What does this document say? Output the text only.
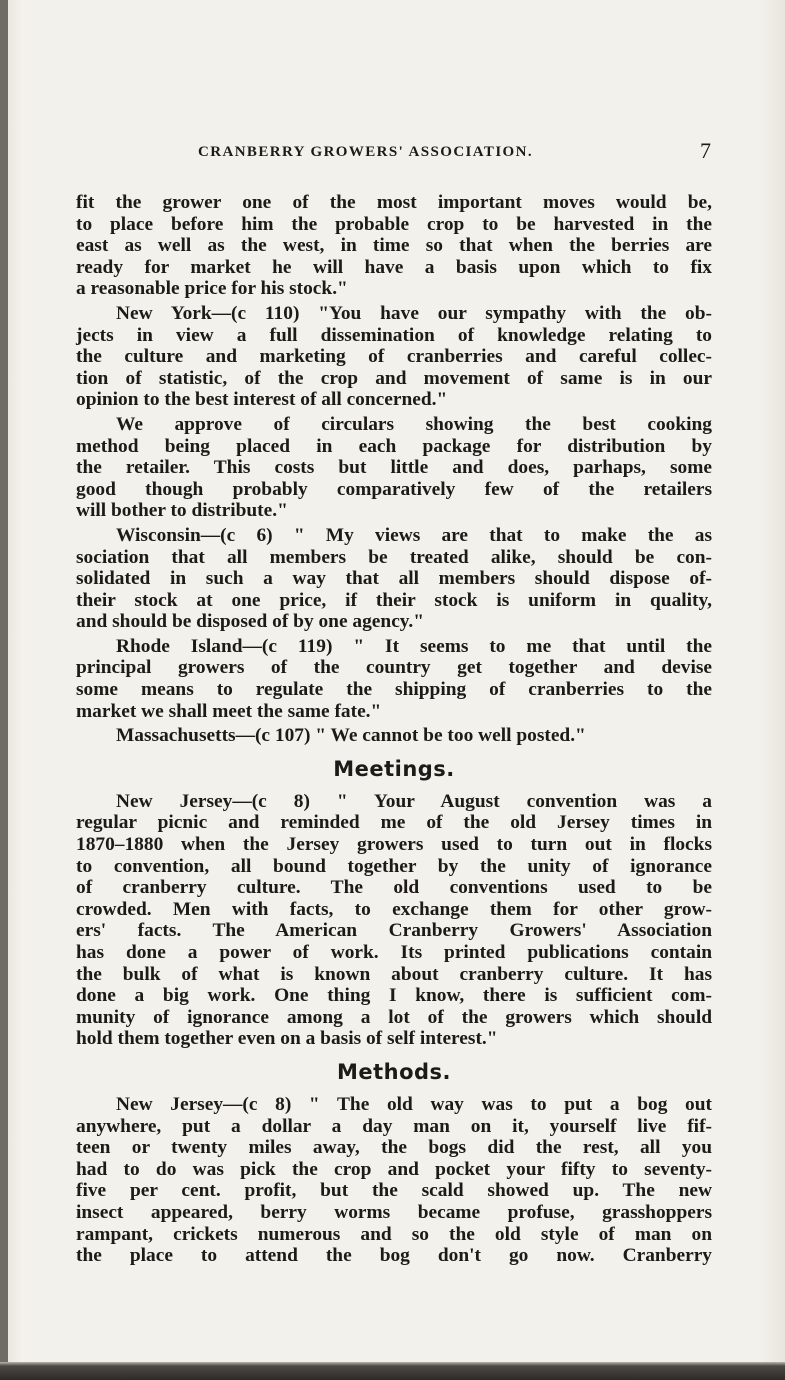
CRANBERRY GROWERS' ASSOCIATION.	7
fit the grower one of the most important moves would be,
to place before him the probable crop to be harvested in the
east as well as the west, in time so that when the berries are
ready for market he will have a basis upon which to fix
a reasonable price for his stock."
New York—(c 110) "You have our sympathy with the ob-
jects in view a full dissemination of knowledge relating to
the culture and marketing of cranberries and careful collec-
tion of statistic, of the crop and movement of same is in our
opinion to the best interest of all concerned."
We approve of circulars showing the best cooking
method being placed in each package for distribution by
the retailer. This costs but little and does, parhaps, some
good though probably comparatively few of the retailers
will bother to distribute."
Wisconsin—(c 6) " My views are that to make the as
sociation that all members be treated alike, should be con-
solidated in such a way that all members should dispose of-
their stock at one price, if their stock is uniform in quality,
and should be disposed of by one agency."
Rhode Island—(c 119) " It seems to me that until the
principal growers of the country get together and devise
some means to regulate the shipping of cranberries to the
market we shall meet the same fate."
Massachusetts—(c 107) " We cannot be too well posted."
Meetings.
New Jersey—(c 8) " Your August convention was a
regular picnic and reminded me of the old Jersey times in
1870–1880 when the Jersey growers used to turn out in flocks
to convention, all bound together by the unity of ignorance
of cranberry culture. The old conventions used to be
crowded. Men with facts, to exchange them for other grow-
ers' facts. The American Cranberry Growers' Association
has done a power of work. Its printed publications contain
the bulk of what is known about cranberry culture. It has
done a big work. One thing I know, there is sufficient com-
munity of ignorance among a lot of the growers which should
hold them together even on a basis of self interest."
Methods.
New Jersey—(c 8) " The old way was to put a bog out
anywhere, put a dollar a day man on it, yourself live fif-
teen or twenty miles away, the bogs did the rest, all you
had to do was pick the crop and pocket your fifty to seventy-
five per cent. profit, but the scald showed up. The new
insect appeared, berry worms became profuse, grasshoppers
rampant, crickets numerous and so the old style of man on
the place to attend the bog don't go now. Cranberry
